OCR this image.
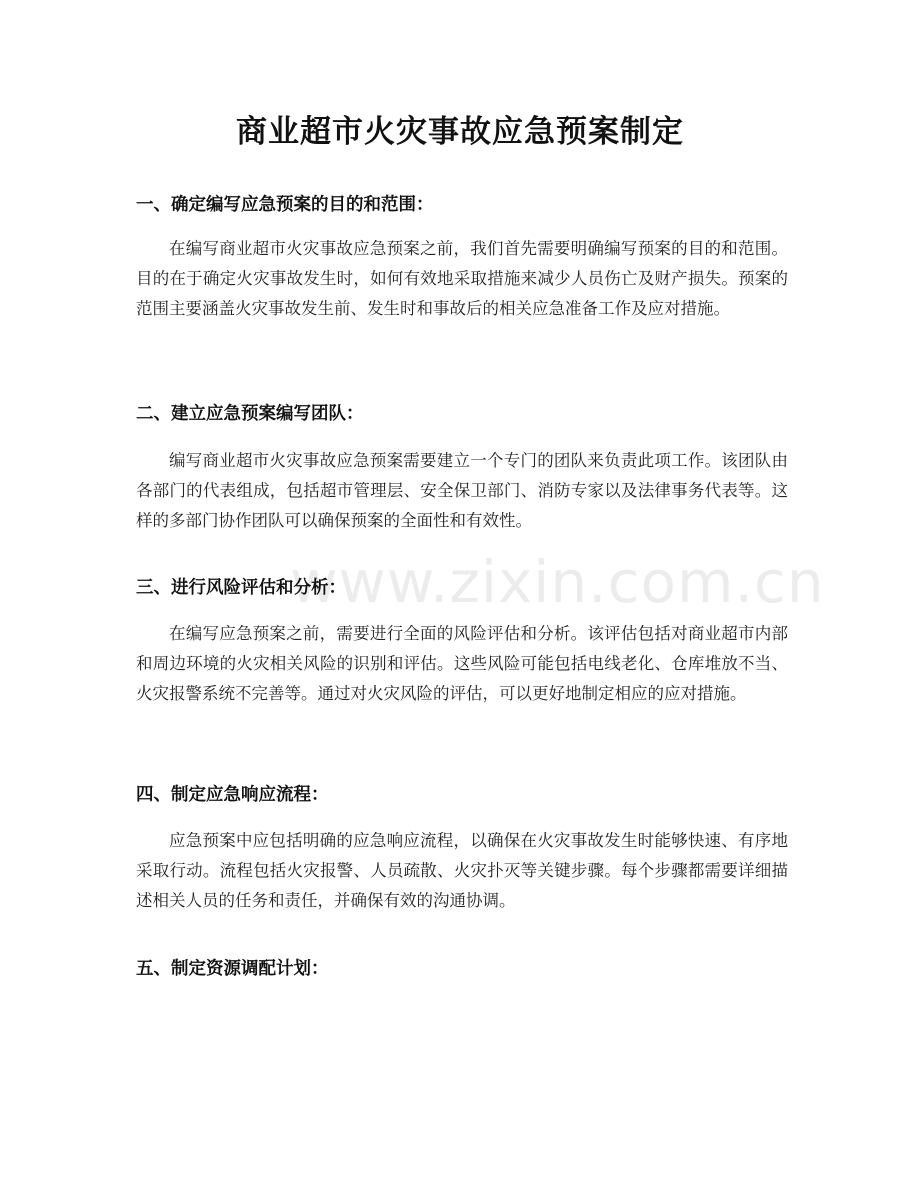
商业超市火灾事故应急预案制定
一、确定编写应急预案的目的和范围：
在编写商业超市火灾事故应急预案之前，我们首先需要明确编写预案的目的和范围。目的在于确定火灾事故发生时，如何有效地采取措施来减少人员伤亡及财产损失。预案的范围主要涵盖火灾事故发生前、发生时和事故后的相关应急准备工作及应对措施。
二、建立应急预案编写团队：
编写商业超市火灾事故应急预案需要建立一个专门的团队来负责此项工作。该团队由各部门的代表组成，包括超市管理层、安全保卫部门、消防专家以及法律事务代表等。这样的多部门协作团队可以确保预案的全面性和有效性。
三、进行风险评估和分析：
在编写应急预案之前，需要进行全面的风险评估和分析。该评估包括对商业超市内部和周边环境的火灾相关风险的识别和评估。这些风险可能包括电线老化、仓库堆放不当、火灾报警系统不完善等。通过对火灾风险的评估，可以更好地制定相应的应对措施。
四、制定应急响应流程：
应急预案中应包括明确的应急响应流程，以确保在火灾事故发生时能够快速、有序地采取行动。流程包括火灾报警、人员疏散、火灾扑灭等关键步骤。每个步骤都需要详细描述相关人员的任务和责任，并确保有效的沟通协调。
五、制定资源调配计划：
www.zixin.com.cn
